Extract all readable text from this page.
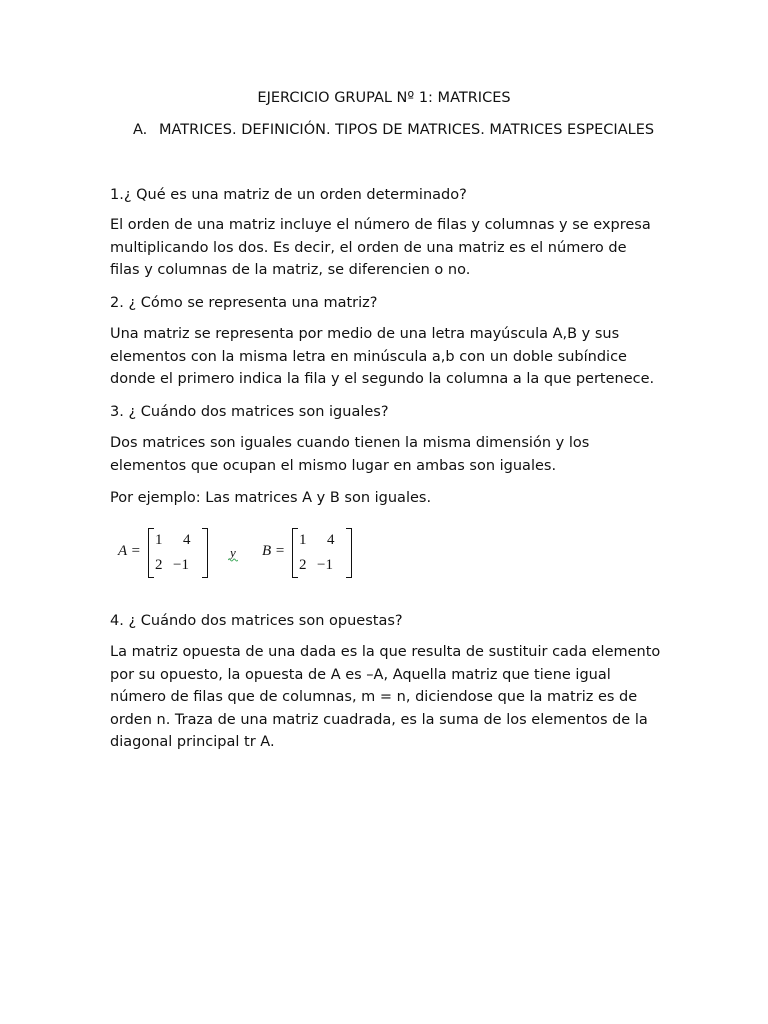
EJERCICIO GRUPAL Nº 1: MATRICES
A. MATRICES. DEFINICIÓN. TIPOS DE MATRICES. MATRICES ESPECIALES

1.¿ Qué es una matriz de un orden determinado?

El orden de una matriz incluye el número de filas y columnas y se expresa
multiplicando los dos. Es decir, el orden de una matriz es el número de
filas y columnas de la matriz, se diferencien o no.

2. ¿ Cómo se representa una matriz?

Una matriz se representa por medio de una letra mayúscula A,B y sus
elementos con la misma letra en minúscula a,b con un doble subíndice
donde el primero indica la fila y el segundo la columna a la que pertenece.

3. ¿ Cuándo dos matrices son iguales?

Dos matrices son iguales cuando tienen la misma dimensión y los
elementos que ocupan el mismo lugar en ambas son iguales.

Por ejemplo: Las matrices A y B son iguales.

A =
1 4
2 −1
y B =
1 4
2 −1

4. ¿ Cuándo dos matrices son opuestas?

La matriz opuesta de una dada es la que resulta de sustituir cada elemento
por su opuesto, la opuesta de A es –A, Aquella matriz que tiene igual
número de filas que de columnas, m = n, diciendose que la matriz es de
orden n. Traza de una matriz cuadrada, es la suma de los elementos de la
diagonal principal tr A.
